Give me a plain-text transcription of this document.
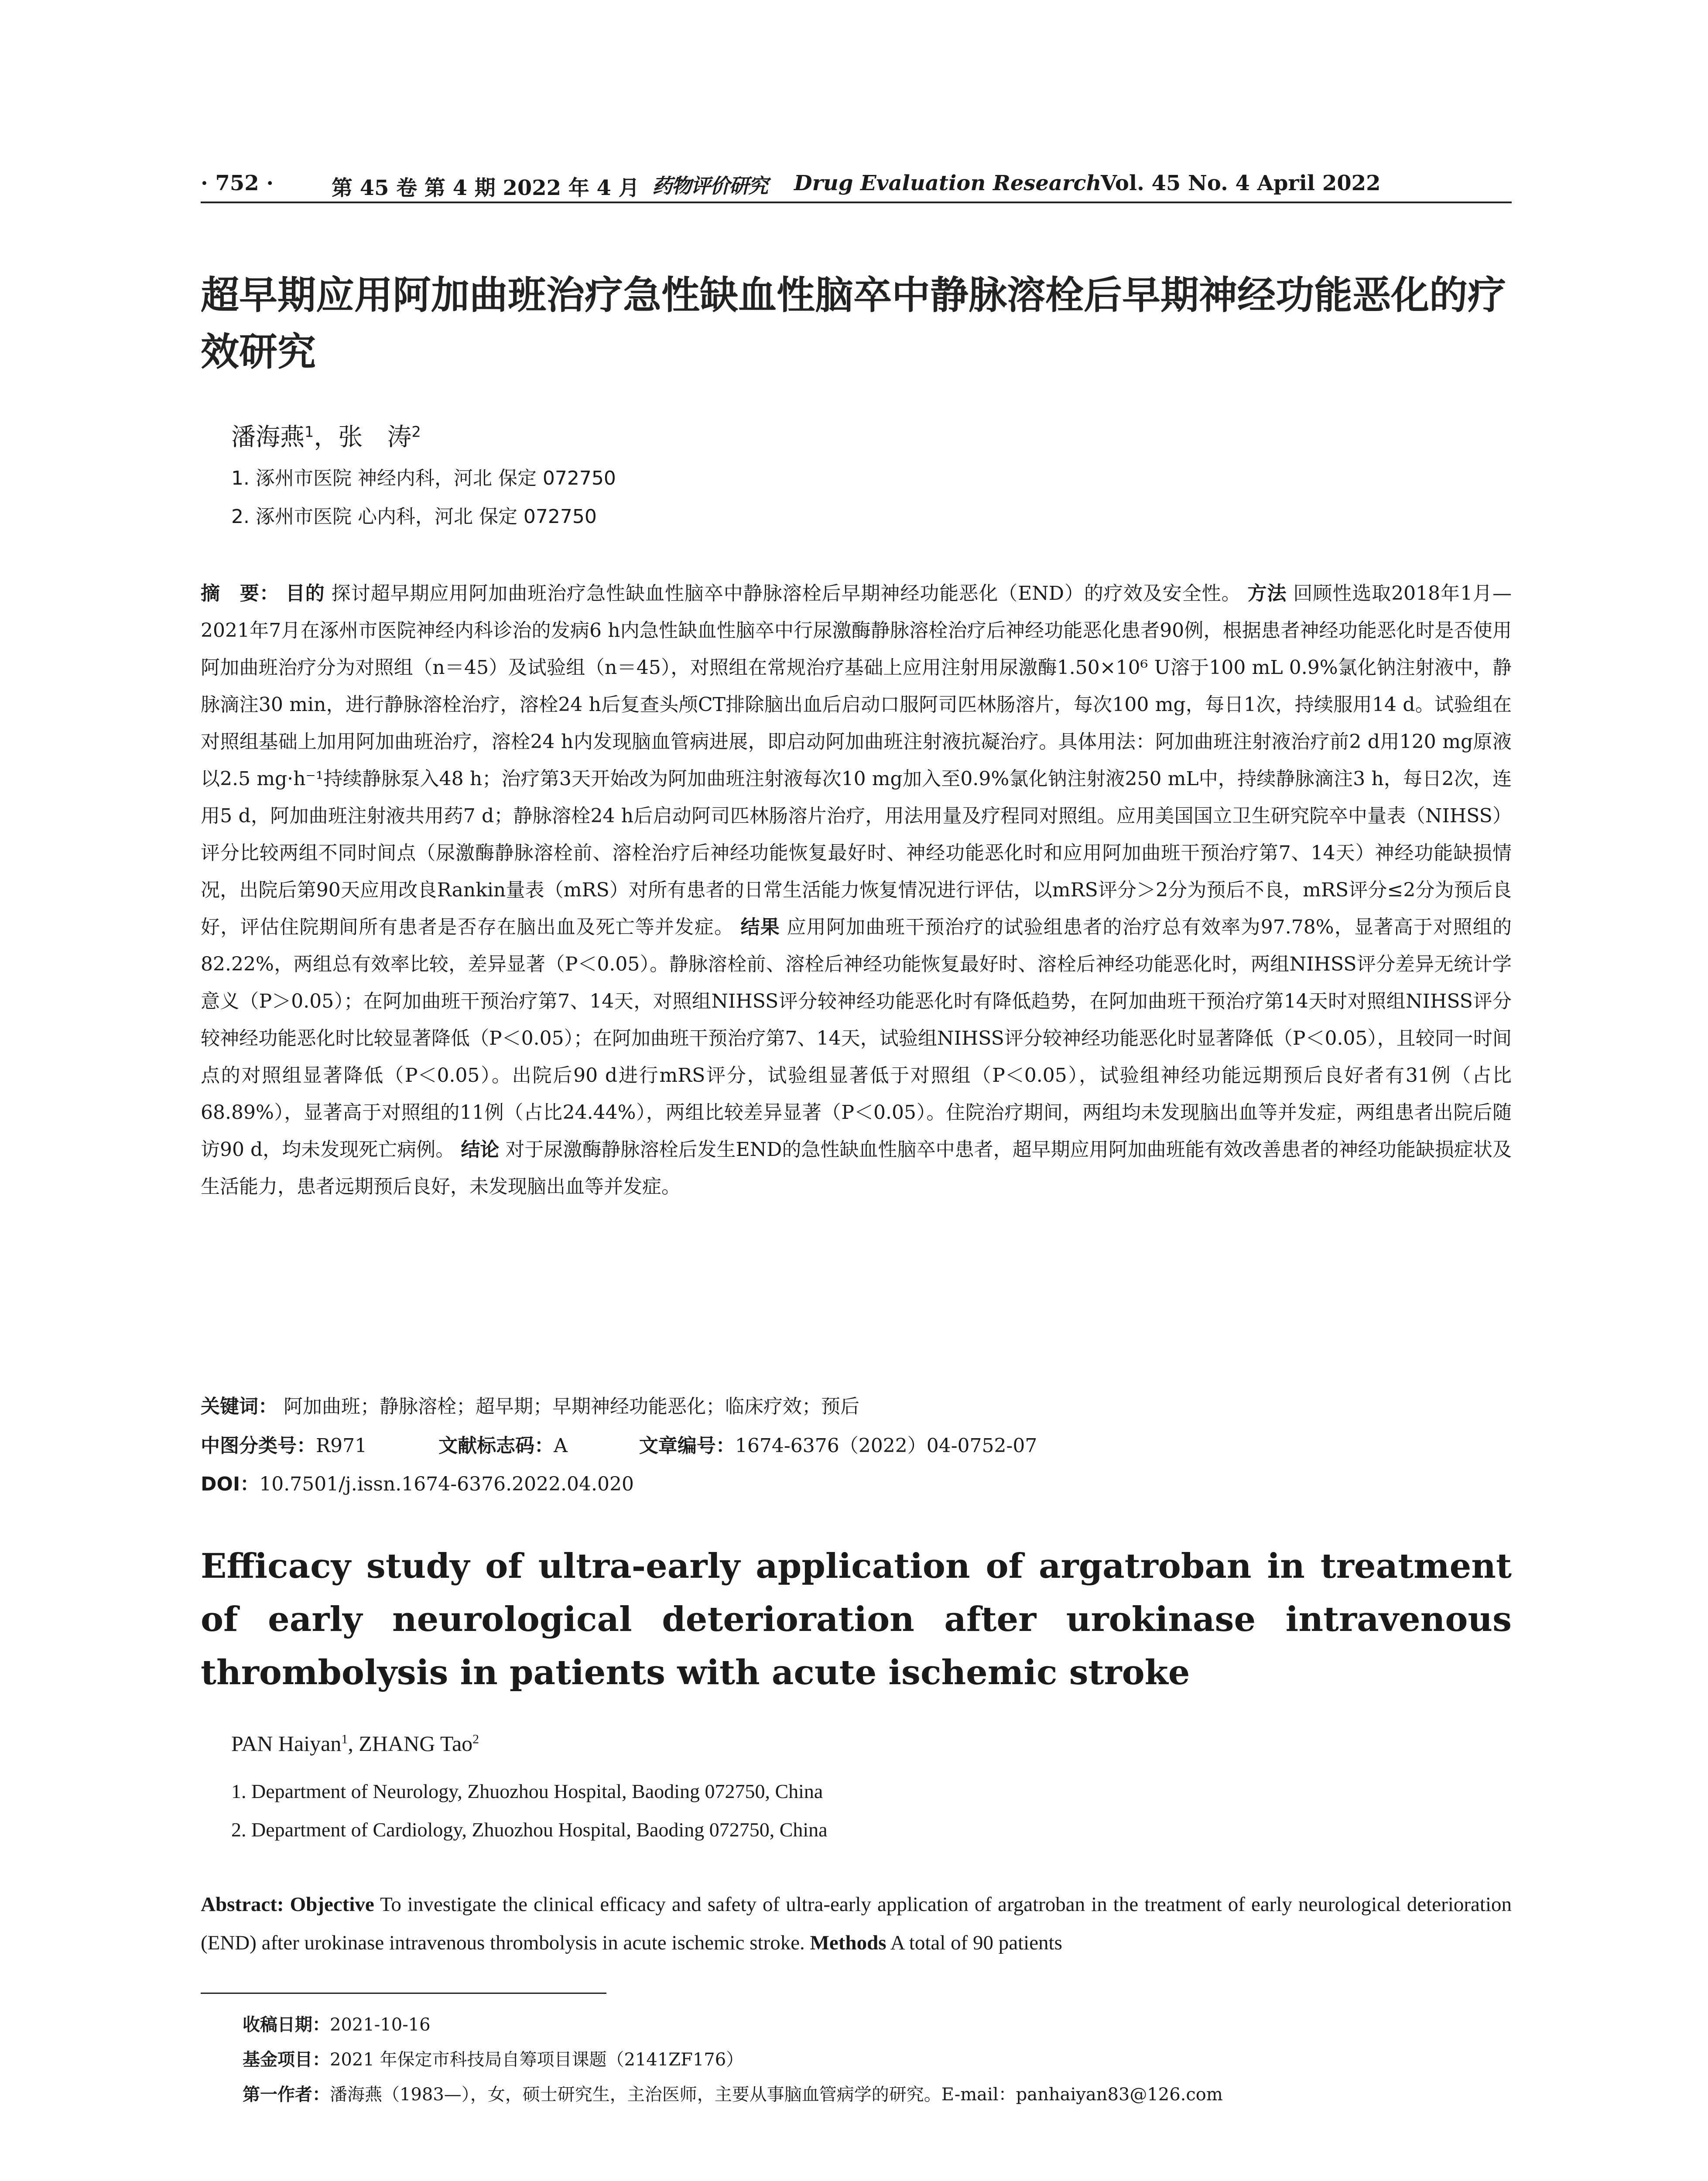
· 752 ·	第 45 卷 第 4 期 2022 年 4 月 药物评价研究 Drug Evaluation Research
Vol. 45 No. 4 April 2022
超早期应用阿加曲班治疗急性缺血性脑卒中静脉溶栓后早期神经功能恶化的疗效研究
潘海燕$^1$，张　涛$^2$
1. 涿州市医院 神经内科，河北 保定 072750
2. 涿州市医院 心内科，河北 保定 072750

摘　要： 目的 探讨超早期应用阿加曲班治疗急性缺血性脑卒中静脉溶栓后早期神经功能恶化（END）的疗效及安全性。 方法 回顾性选取2018年1月—2021年7月在涿州市医院神经内科诊治的发病6 h内急性缺血性脑卒中行尿激酶静脉溶栓治疗后神经功能恶化患者90例，根据患者神经功能恶化时是否使用阿加曲班治疗分为对照组（n＝45）及试验组（n＝45），对照组在常规治疗基础上应用注射用尿激酶1.50×10⁶ U溶于100 mL 0.9%氯化钠注射液中，静脉滴注30 min，进行静脉溶栓治疗，溶栓24 h后复查头颅CT排除脑出血后启动口服阿司匹林肠溶片，每次100 mg，每日1次，持续服用14 d。试验组在对照组基础上加用阿加曲班治疗，溶栓24 h内发现脑血管病进展，即启动阿加曲班注射液抗凝治疗。具体用法：阿加曲班注射液治疗前2 d用120 mg原液以2.5 mg·h⁻¹持续静脉泵入48 h；治疗第3天开始改为阿加曲班注射液每次10 mg加入至0.9%氯化钠注射液250 mL中，持续静脉滴注3 h，每日2次，连用5 d，阿加曲班注射液共用药7 d；静脉溶栓24 h后启动阿司匹林肠溶片治疗，用法用量及疗程同对照组。应用美国国立卫生研究院卒中量表（NIHSS）评分比较两组不同时间点（尿激酶静脉溶栓前、溶栓治疗后神经功能恢复最好时、神经功能恶化时和应用阿加曲班干预治疗第7、14天）神经功能缺损情况，出院后第90天应用改良Rankin量表（mRS）对所有患者的日常生活能力恢复情况进行评估，以mRS评分＞2分为预后不良，mRS评分≤2分为预后良好，评估住院期间所有患者是否存在脑出血及死亡等并发症。 结果 应用阿加曲班干预治疗的试验组患者的治疗总有效率为97.78%，显著高于对照组的82.22%，两组总有效率比较，差异显著（P＜0.05）。静脉溶栓前、溶栓后神经功能恢复最好时、溶栓后神经功能恶化时，两组NIHSS评分差异无统计学意义（P＞0.05）；在阿加曲班干预治疗第7、14天，对照组NIHSS评分较神经功能恶化时有降低趋势，在阿加曲班干预治疗第14天时对照组NIHSS评分较神经功能恶化时比较显著降低（P＜0.05）；在阿加曲班干预治疗第7、14天，试验组NIHSS评分较神经功能恶化时显著降低（P＜0.05），且较同一时间点的对照组显著降低（P＜0.05）。出院后90 d进行mRS评分，试验组显著低于对照组（P＜0.05），试验组神经功能远期预后良好者有31例（占比68.89%），显著高于对照组的11例（占比24.44%），两组比较差异显著（P＜0.05）。住院治疗期间，两组均未发现脑出血等并发症，两组患者出院后随访90 d，均未发现死亡病例。 结论 对于尿激酶静脉溶栓后发生END的急性缺血性脑卒中患者，超早期应用阿加曲班能有效改善患者的神经功能缺损症状及生活能力，患者远期预后良好，未发现脑出血等并发症。

关键词： 阿加曲班；静脉溶栓；超早期；早期神经功能恶化；临床疗效；预后
中图分类号：R971	文献标志码：A	文章编号：1674-6376（2022）04-0752-07
DOI：10.7501/j.issn.1674-6376.2022.04.020
Efficacy study of ultra-early application of argatroban in treatment of early neurological deterioration after urokinase intravenous thrombolysis in patients with acute ischemic stroke
PAN Haiyan$^1$, ZHANG Tao$^2$
1. Department of Neurology, Zhuozhou Hospital, Baoding 072750, China
2. Department of Cardiology, Zhuozhou Hospital, Baoding 072750, China

Abstract: Objective To investigate the clinical efficacy and safety of ultra-early application of argatroban in the treatment of early neurological deterioration (END) after urokinase intravenous thrombolysis in acute ischemic stroke. Methods A total of 90 patients

收稿日期：2021-10-16
基金项目：2021 年保定市科技局自筹项目课题（2141ZF176）
第一作者：潘海燕（1983—），女，硕士研究生，主治医师，主要从事脑血管病学的研究。E-mail：panhaiyan83@126.com
